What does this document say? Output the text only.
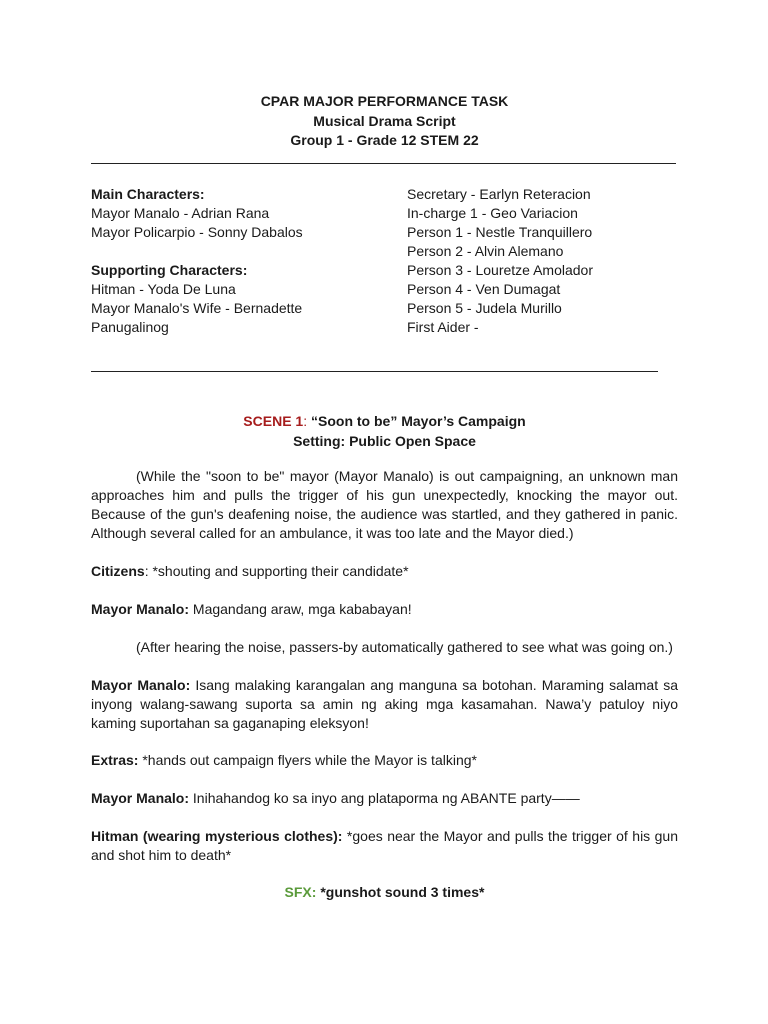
CPAR MAJOR PERFORMANCE TASK
Musical Drama Script
Group 1 - Grade 12 STEM 22
Main Characters:
Mayor Manalo - Adrian Rana
Mayor Policarpio - Sonny Dabalos
Supporting Characters:
Hitman - Yoda De Luna
Mayor Manalo's Wife - Bernadette
Panugalinog
Secretary - Earlyn Reteracion
In-charge 1 - Geo Variacion
Person 1 - Nestle Tranquillero
Person 2 - Alvin Alemano
Person 3 - Louretze Amolador
Person 4 - Ven Dumagat
Person 5 - Judela Murillo
First Aider -
SCENE 1: “Soon to be” Mayor’s Campaign
Setting: Public Open Space
(While the "soon to be" mayor (Mayor Manalo) is out campaigning, an unknown man approaches him and pulls the trigger of his gun unexpectedly, knocking the mayor out. Because of the gun's deafening noise, the audience was startled, and they gathered in panic. Although several called for an ambulance, it was too late and the Mayor died.)
Citizens: *shouting and supporting their candidate*
Mayor Manalo: Magandang araw, mga kababayan!
(After hearing the noise, passers-by automatically gathered to see what was going on.)
Mayor Manalo: Isang malaking karangalan ang manguna sa botohan. Maraming salamat sa inyong walang-sawang suporta sa amin ng aking mga kasamahan. Nawa’y patuloy niyo kaming suportahan sa gaganaping eleksyon!
Extras: *hands out campaign flyers while the Mayor is talking*
Mayor Manalo: Inihahandog ko sa inyo ang plataporma ng ABANTE party——
Hitman (wearing mysterious clothes): *goes near the Mayor and pulls the trigger of his gun and shot him to death*
SFX: *gunshot sound 3 times*
